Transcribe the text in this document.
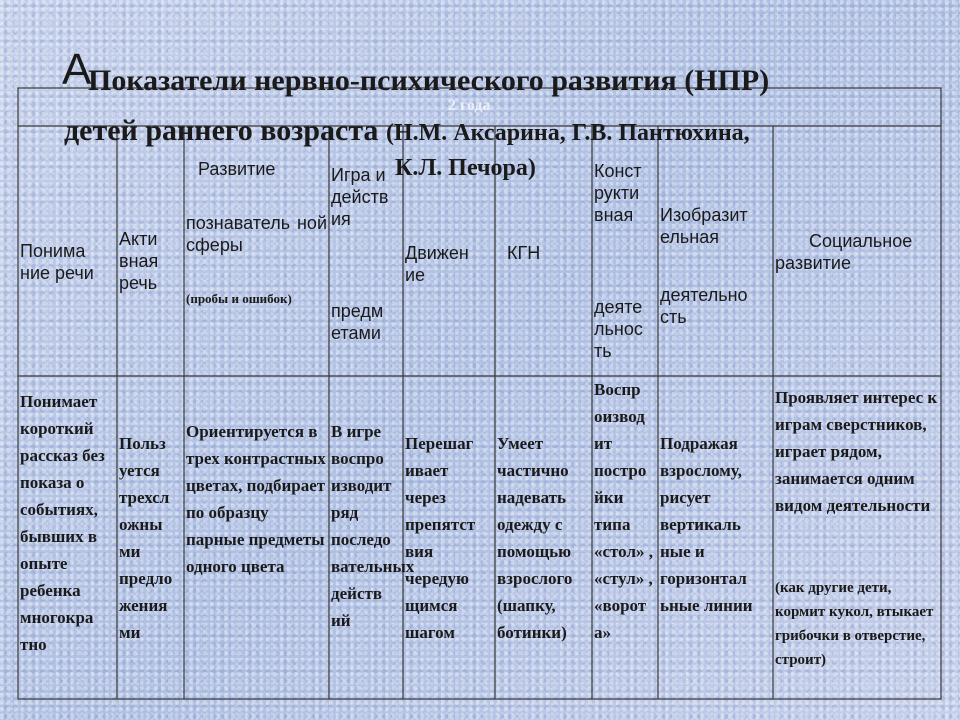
2 года
Понима ние речи
Акти вная речь
Развитие
познаватель ной сферы
(пробы и ошибок)
Игра и действ ия
предм етами
Движен ие
КГН
Конст рукти вная
деяте льнос ть
Изобразит ельная
деятельно сть
Социальное развитие
Понимает короткий рассказ без показа о событиях, бывших в опыте ребенка многокра тно
Польз уется трехсл ожны ми предло жения ми
Ориентируется в трех контрастных цветах, подбирает по образцу парные предметы одного цвета
В игре воспро изводит ряд последо вательных действ ий
Перешаг ивает через препятст вия чередую щимся шагом
Умеет частично надевать одежду с помощью взрослого (шапку, ботинки)
Воспр оизвод ит постро йки типа «стол» , «стул» , «ворот а»
Подражая взрослому, рисует вертикаль ные и горизонтал ьные линии
Проявляет интерес к играм сверстников, играет рядом, занимается одним видом деятельности
(как другие дети, кормит кукол, втыкает грибочки в отверстие, строит)
А
Показатели нервно-психического развития (НПР)
детей раннего возраста (Н.М. Аксарина, Г.В. Пантюхина,
К.Л. Печора)
